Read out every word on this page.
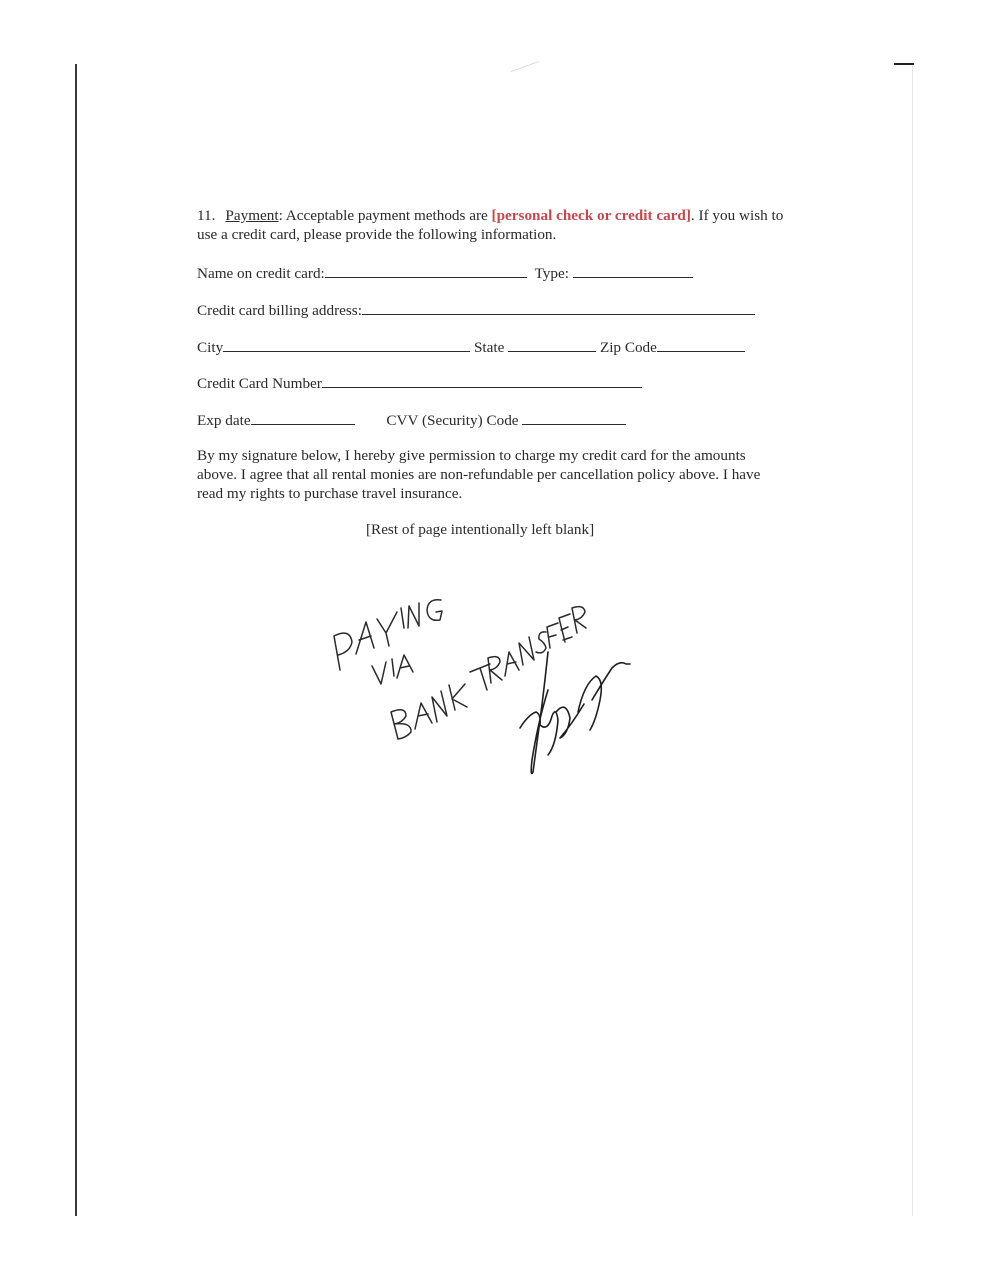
11. Payment: Acceptable payment methods are [personal check or credit card]. If you wish to use a credit card, please provide the following information.

Name on credit card:	Type:
Credit card billing address:
City	State	Zip Code
Credit Card Number
Exp date	CVV (Security) Code

By my signature below, I hereby give permission to charge my credit card for the amounts above. I agree that all rental monies are non-refundable per cancellation policy above. I have read my rights to purchase travel insurance.

[Rest of page intentionally left blank]
